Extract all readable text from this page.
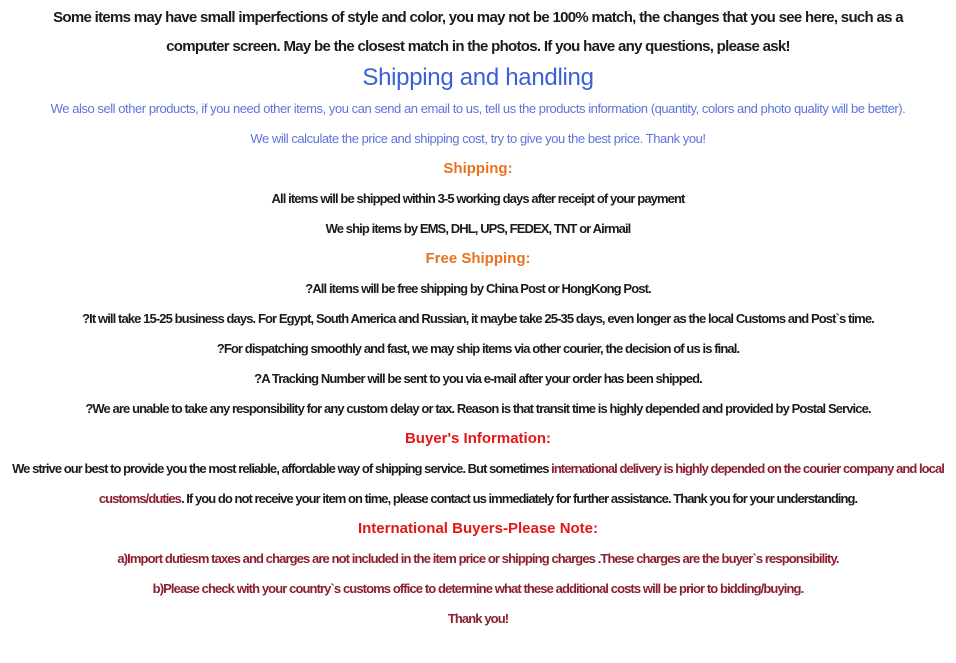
Some items may have small imperfections of style and color, you may not be 100% match, the changes that you see here, such as a computer screen. May be the closest match in the photos. If you have any questions, please ask!

Shipping and handling

We also sell other products, if you need other items, you can send an email to us, tell us the products information (quantity, colors and photo quality will be better).

We will calculate the price and shipping cost, try to give you the best price. Thank you!

Shipping:

All items will be shipped within 3-5 working days after receipt of your payment

We ship items by EMS, DHL, UPS, FEDEX, TNT or Airmail

Free Shipping:

?All items will be free shipping by China Post or HongKong Post.

?It will take 15-25 business days. For Egypt, South America and Russian, it maybe take 25-35 days, even longer as the local Customs and Post`s time.

?For dispatching smoothly and fast, we may ship items via other courier, the decision of us is final.

?A Tracking Number will be sent to you via e-mail after your order has been shipped.

?We are unable to take any responsibility for any custom delay or tax. Reason is that transit time is highly depended and provided by Postal Service.

Buyer's Information:

We strive our best to provide you the most reliable, affordable way of shipping service. But sometimes international delivery is highly depended on the courier company and local customs/duties. If you do not receive your item on time, please contact us immediately for further assistance. Thank you for your understanding.

International Buyers-Please Note:

a)Import dutiesm taxes and charges are not included in the item price or shipping charges .These charges are the buyer`s responsibility.

b)Please check with your country`s customs office to determine what these additional costs will be prior to bidding/buying.

Thank you!
